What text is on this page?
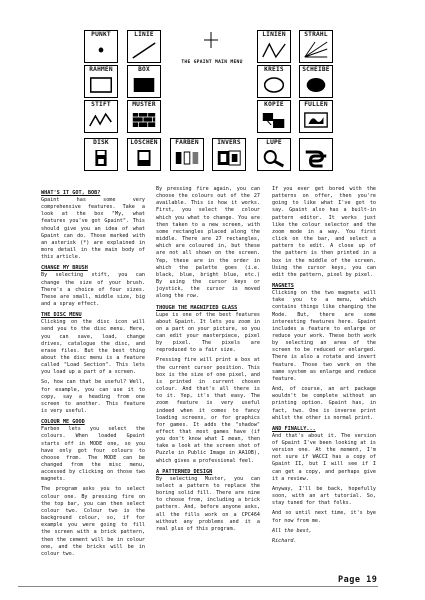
PUNKT	LINIE
RAHMEN	BOX
STIFT	MUSTER
DISK	LÖSCHEN	FARBEN	INVERS
LINIEN	STRAHL
KREIS	SCHEIBE
KOPIE	FÜLLEN
LUPE
THE GPAINT MAIN MENU
WHAT'S IT GOT, BOB?

Gpaint has some very comprehensive features. Take a look at the box "My, what features you've got Gpaint". This should give you an idea of what Gpaint can do. Those marked with an asterisk (*) are explained in more detail in the main body of this article.

CHANGE MY BRUSH

By selecting stift, you can change the size of your brush. There's a choice of four sizes. These are small, middle size, big and a spray effect.

THE DISC MENU

Clicking on the disc icon will send you to the disc menu. Here, you can save, load, change drives, catalogue the disc, and erase files. But the best thing about the disc menu is a feature called "Load Section". This lets you load up a part of a screen.

So, how can that be useful? Well, for example, you can use it to copy, say a heading from one screen to another. This feature is very useful.

COLOUR ME GOOD

Farben lets you select the colours. When loaded Gpaint starts off in MODE one, so you have only got four colours to choose from. The MODE can be changed from the misc menu, accessed by clicking on those two magnets.

The program asks you to select colour one. By pressing fire on the top bar, you can then select colour two. Colour two is the background colour, so, if for example you were going to fill the screen with a brick pattern, then the cement will be in colour one, and the bricks will be in colour two.

By pressing fire again, you can choose the colours out of the 27 available. This is how it works. First, you select the colour which you what to change. You are then taken to a new screen, with some rectangles placed along the middle. There are 27 rectangles, which are coloured in, but these are not all shown on the screen. Yep, these are in the order in which the palette goes (i.e. black, blue, bright blue, etc.) By using the cursor keys or joystick, the cursor is moved along the row.

THOUGH THE MAGNIFIED GLASS

Lupe is one of the best features about Gpaint. It lets you zoom in on a part on your picture, so you can edit your masterpiece, pixel by pixel. The pixels are reproduced to a fair size.

Pressing fire will print a box at the current cursor position. This box is the size of one pixel, and is printed in current chosen colour. And that's all there is to it. Yep, it's that easy. The zoom feature is very useful indeed when it comes to fancy loading screens, or for graphics for games. It adds the "shadow" effect that most games have (if you don't know what I mean, then take a look at the screen shot of Puzzle in Public Image in AA1OB), which gives a professional feel.

A PATTERNED DESIGN

By selecting Muster, you can select a pattern to replace the boring solid fill. There are nine to choose from, including a brick pattern. And, before anyone asks, all the fills work on a CPC464 without any problems and it a real plus of this program.

If you ever get bored with the patterns on offer, then you're going to like what I've got to say. Gpaint also has a built-in pattern editor. It works just like the colour selector and the zoom mode in a way. You first click on the bar, and select a pattern to edit. A close up of the pattern is then printed in a box in the middle of the screen. Using the cursor keys, you can edit the pattern, pixel by pixel.

MAGNETS

Clicking on the two magnets will take you to a menu, which contains things like changing the Mode. But, there are some interesting features here. Gpaint includes a feature to enlarge or reduce your work. These both work by selecting an area of the screen to be reduced or enlarged. There is also a rotate and invert feature. Those two work on the same system as enlarge and reduce feature.

And, of course, an art package wouldn't be complete without an printing option. Gpaint has, in fact, two. One is inverse print whilst the other is normal print.

AND FINALLY...

And that's about it. The version of Gpaint I've been looking at is version one. At the moment, I'm not sure if WACCI has a copy of Gpaint II, but I will see if I can get a copy, and perhaps give it a review.

Anyway, I'll be back, hopefully soon, with an art tutorial. So, stay tuned for that folks.

And so until next time, it's bye for now from me.

All the best,

Richard.

Page 19
